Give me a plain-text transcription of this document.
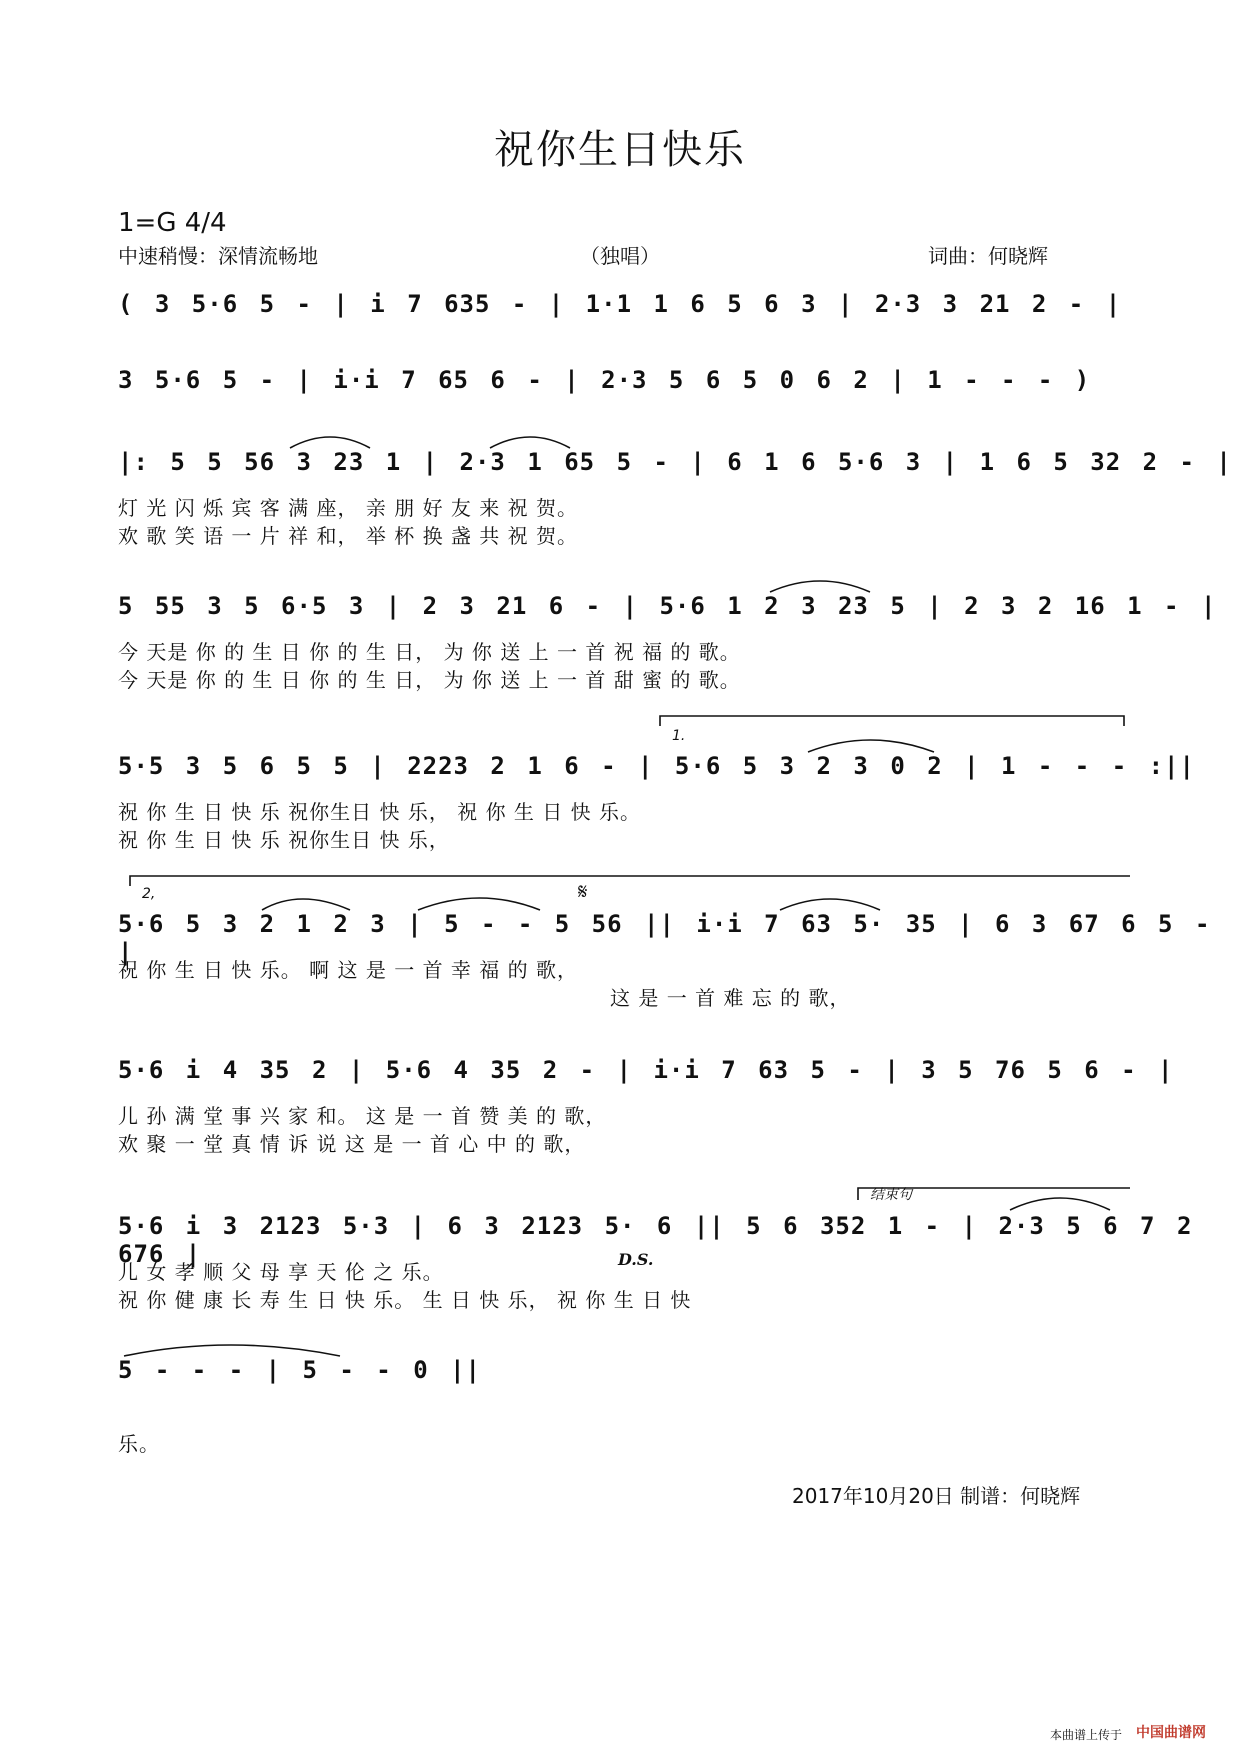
祝你生日快乐
1=G 4/4
中速稍慢：深情流畅地	（独唱）	词曲：何晓辉
( 3 5·6 5 - | i 7 635 - | 1·1 1 6 5 6 3 | 2·3 3 21 2 - |
3 5·6 5 - | i·i 7 65 6 - | 2·3 5 6 5 0 6 2 | 1 - - - )
|: 5 5 56 3 23 1 | 2·3 1 65 5 - | 6 1 6 5·6 3 | 1 6 5 32 2 - |
灯 光 闪 烁 宾 客 满 座， 亲 朋 好 友 来 祝 贺。
欢 歌 笑 语 一 片 祥 和， 举 杯 换 盏 共 祝 贺。
5 55 3 5 6·5 3 | 2 3 21 6 - | 5·6 1 2 3 23 5 | 2 3 2 16 1 - |
今 天是 你 的 生 日 你 的 生 日， 为 你 送 上 一 首 祝 福 的 歌。
今 天是 你 的 生 日 你 的 生 日， 为 你 送 上 一 首 甜 蜜 的 歌。
1.
5·5 3 5 6 5 5 | 2223 2 1 6 - | 5·6 5 3 2 3 0 2 | 1 - - - :||
祝 你 生 日 快 乐 祝你生日 快 乐， 祝 你 生 日 快 乐。
祝 你 生 日 快 乐 祝你生日 快 乐，
2,	𝄋
5·6 5 3 2 1 2 3 | 5 - - 5 56 || i·i 7 63 5· 35 | 6 3 67 6 5 - |
祝 你 生 日 快 乐。 啊 这 是 一 首 幸 福 的 歌，
这 是 一 首 难 忘 的 歌，
5·6 i 4 35 2 | 5·6 4 35 2 - | i·i 7 63 5 - | 3 5 76 5 6 - |
儿 孙 满 堂 事 兴 家 和。 这 是 一 首 赞 美 的 歌，
欢 聚 一 堂 真 情 诉 说 这 是 一 首 心 中 的 歌，
结束句
5·6 i 3 2123 5·3 | 6 3 2123 5· 6 || 5 6 352 1 - | 2·3 5 6 7 2 676 |	D.S.
儿 女 孝 顺 父 母 享 天 伦 之 乐。
祝 你 健 康 长 寿 生 日 快 乐。 生 日 快 乐， 祝 你 生 日 快
5 - - - | 5 - - 0 ||
乐。
2017年10月20日 制谱：何晓辉
本曲谱上传于 中国曲谱网
